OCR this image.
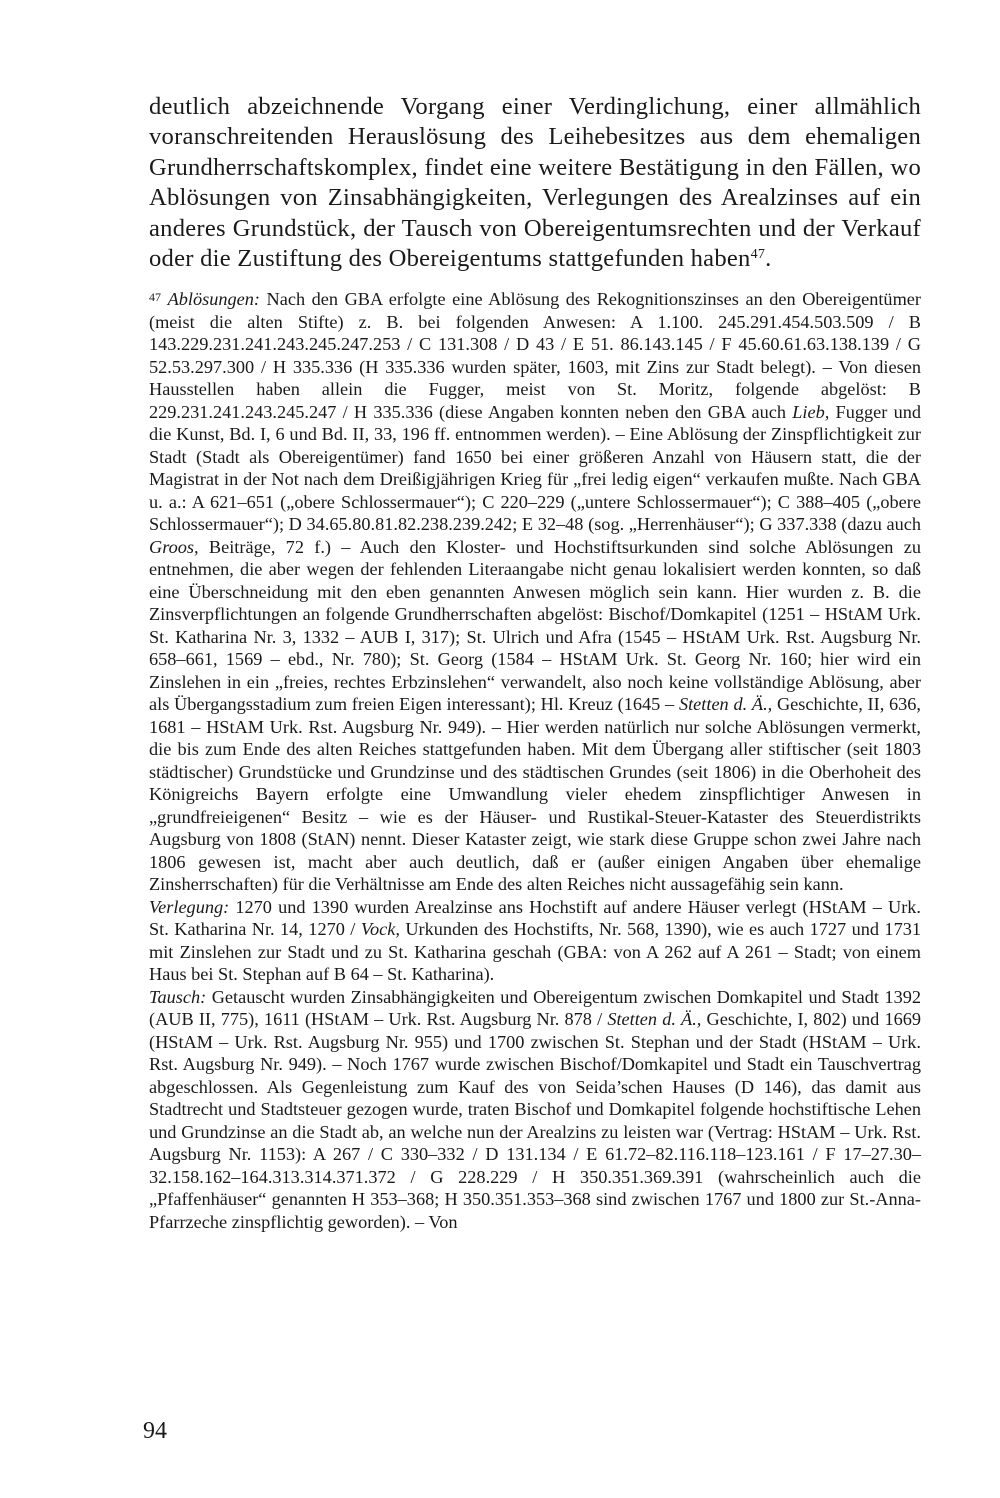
deutlich abzeichnende Vorgang einer Verdinglichung, einer allmählich voranschreitenden Herauslösung des Leihebesitzes aus dem ehemaligen Grundherrschaftskomplex, findet eine weitere Bestätigung in den Fällen, wo Ablösungen von Zinsabhängigkeiten, Verlegungen des Arealzinses auf ein anderes Grundstück, der Tausch von Obereigentumsrechten und der Verkauf oder die Zustiftung des Obereigentums stattgefunden haben$^{47}$.

$^{47}$ Ablösungen: Nach den GBA erfolgte eine Ablösung des Rekognitionszinses an den Obereigentümer (meist die alten Stifte) z. B. bei folgenden Anwesen: A 1.100. 245.291.454.503.509 / B 143.229.231.241.243.245.247.253 / C 131.308 / D 43 / E 51. 86.143.145 / F 45.60.61.63.138.139 / G 52.53.297.300 / H 335.336 (H 335.336 wurden später, 1603, mit Zins zur Stadt belegt). – Von diesen Hausstellen haben allein die Fugger, meist von St. Moritz, folgende abgelöst: B 229.231.241.243.245.247 / H 335.336 (diese Angaben konnten neben den GBA auch Lieb, Fugger und die Kunst, Bd. I, 6 und Bd. II, 33, 196 ff. entnommen werden). – Eine Ablösung der Zinspflichtigkeit zur Stadt (Stadt als Obereigentümer) fand 1650 bei einer größeren Anzahl von Häusern statt, die der Magistrat in der Not nach dem Dreißigjährigen Krieg für „frei ledig eigen“ verkaufen mußte. Nach GBA u. a.: A 621–651 („obere Schlossermauer“); C 220–229 („untere Schlossermauer“); C 388–405 („obere Schlossermauer“); D 34.65.80.81.82.238.239.242; E 32–48 (sog. „Herrenhäuser“); G 337.338 (dazu auch Groos, Beiträge, 72 f.) – Auch den Kloster- und Hochstiftsurkunden sind solche Ablösungen zu entnehmen, die aber wegen der fehlenden Literaangabe nicht genau lokalisiert werden konnten, so daß eine Überschneidung mit den eben genannten Anwesen möglich sein kann. Hier wurden z. B. die Zinsverpflichtungen an folgende Grundherrschaften abgelöst: Bischof/Domkapitel (1251 – HStAM Urk. St. Katharina Nr. 3, 1332 – AUB I, 317); St. Ulrich und Afra (1545 – HStAM Urk. Rst. Augsburg Nr. 658–661, 1569 – ebd., Nr. 780); St. Georg (1584 – HStAM Urk. St. Georg Nr. 160; hier wird ein Zinslehen in ein „freies, rechtes Erbzinslehen“ verwandelt, also noch keine vollständige Ablösung, aber als Übergangsstadium zum freien Eigen interessant); Hl. Kreuz (1645 – Stetten d. Ä., Geschichte, II, 636, 1681 – HStAM Urk. Rst. Augsburg Nr. 949). – Hier werden natürlich nur solche Ablösungen vermerkt, die bis zum Ende des alten Reiches stattgefunden haben. Mit dem Übergang aller stiftischer (seit 1803 städtischer) Grundstücke und Grundzinse und des städtischen Grundes (seit 1806) in die Oberhoheit des Königreichs Bayern erfolgte eine Umwandlung vieler ehedem zinspflichtiger Anwesen in „grundfreieigenen“ Besitz – wie es der Häuser- und Rustikal-Steuer-Kataster des Steuerdistrikts Augsburg von 1808 (StAN) nennt. Dieser Kataster zeigt, wie stark diese Gruppe schon zwei Jahre nach 1806 gewesen ist, macht aber auch deutlich, daß er (außer einigen Angaben über ehemalige Zinsherrschaften) für die Verhältnisse am Ende des alten Reiches nicht aussagefähig sein kann.

Verlegung: 1270 und 1390 wurden Arealzinse ans Hochstift auf andere Häuser verlegt (HStAM – Urk. St. Katharina Nr. 14, 1270 / Vock, Urkunden des Hochstifts, Nr. 568, 1390), wie es auch 1727 und 1731 mit Zinslehen zur Stadt und zu St. Katharina geschah (GBA: von A 262 auf A 261 – Stadt; von einem Haus bei St. Stephan auf B 64 – St. Katharina).

Tausch: Getauscht wurden Zinsabhängigkeiten und Obereigentum zwischen Domkapitel und Stadt 1392 (AUB II, 775), 1611 (HStAM – Urk. Rst. Augsburg Nr. 878 / Stetten d. Ä., Geschichte, I, 802) und 1669 (HStAM – Urk. Rst. Augsburg Nr. 955) und 1700 zwischen St. Stephan und der Stadt (HStAM – Urk. Rst. Augsburg Nr. 949). – Noch 1767 wurde zwischen Bischof/Domkapitel und Stadt ein Tauschvertrag abgeschlossen. Als Gegenleistung zum Kauf des von Seida’schen Hauses (D 146), das damit aus Stadtrecht und Stadtsteuer gezogen wurde, traten Bischof und Domkapitel folgende hochstiftische Lehen und Grundzinse an die Stadt ab, an welche nun der Arealzins zu leisten war (Vertrag: HStAM – Urk. Rst. Augsburg Nr. 1153): A 267 / C 330–332 / D 131.134 / E 61.72–82.116.118–123.161 / F 17–27.30–32.158.162–164.313.314.371.372 / G 228.229 / H 350.351.369.391 (wahrscheinlich auch die „Pfaffenhäuser“ genannten H 353–368; H 350.351.353–368 sind zwischen 1767 und 1800 zur St.-Anna-Pfarrzeche zinspflichtig geworden). – Von

94
